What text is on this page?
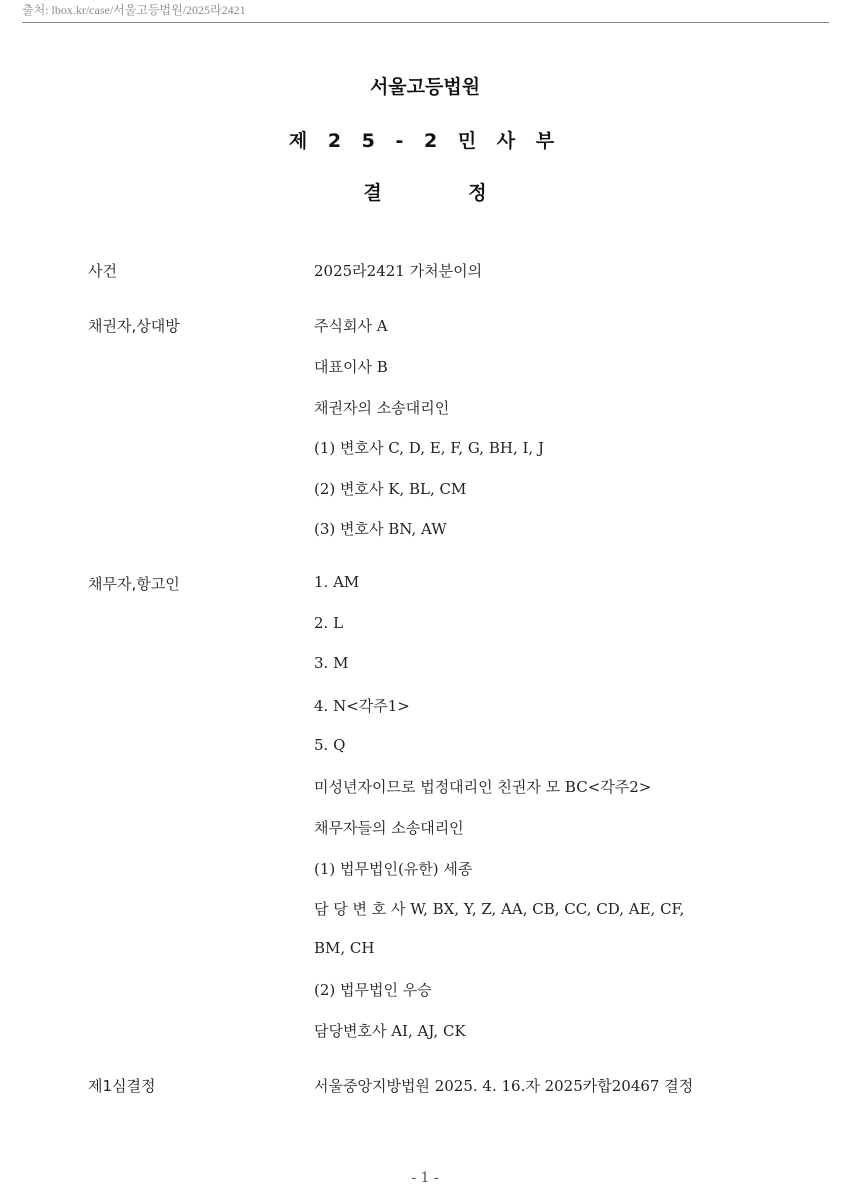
출처: lbox.kr/case/서울고등법원/2025라2421
서울고등법원
제 2 5 - 2 민 사 부
결 정
사건	2025라2421 가처분이의
채권자,상대방	주식회사 A
대표이사 B
채권자의 소송대리인
(1) 변호사 C, D, E, F, G, BH, I, J
(2) 변호사 K, BL, CM
(3) 변호사 BN, AW
채무자,항고인	1. AM
2. L
3. M
4. N<각주1>
5. Q
미성년자이므로 법정대리인 친권자 모 BC<각주2>
채무자들의 소송대리인
(1) 법무법인(유한) 세종
담 당 변 호 사 W, BX, Y, Z, AA, CB, CC, CD, AE, CF,
BM, CH
(2) 법무법인 우승
담당변호사 AI, AJ, CK
제1심결정	서울중앙지방법원 2025. 4. 16.자 2025카합20467 결정
- 1 -
